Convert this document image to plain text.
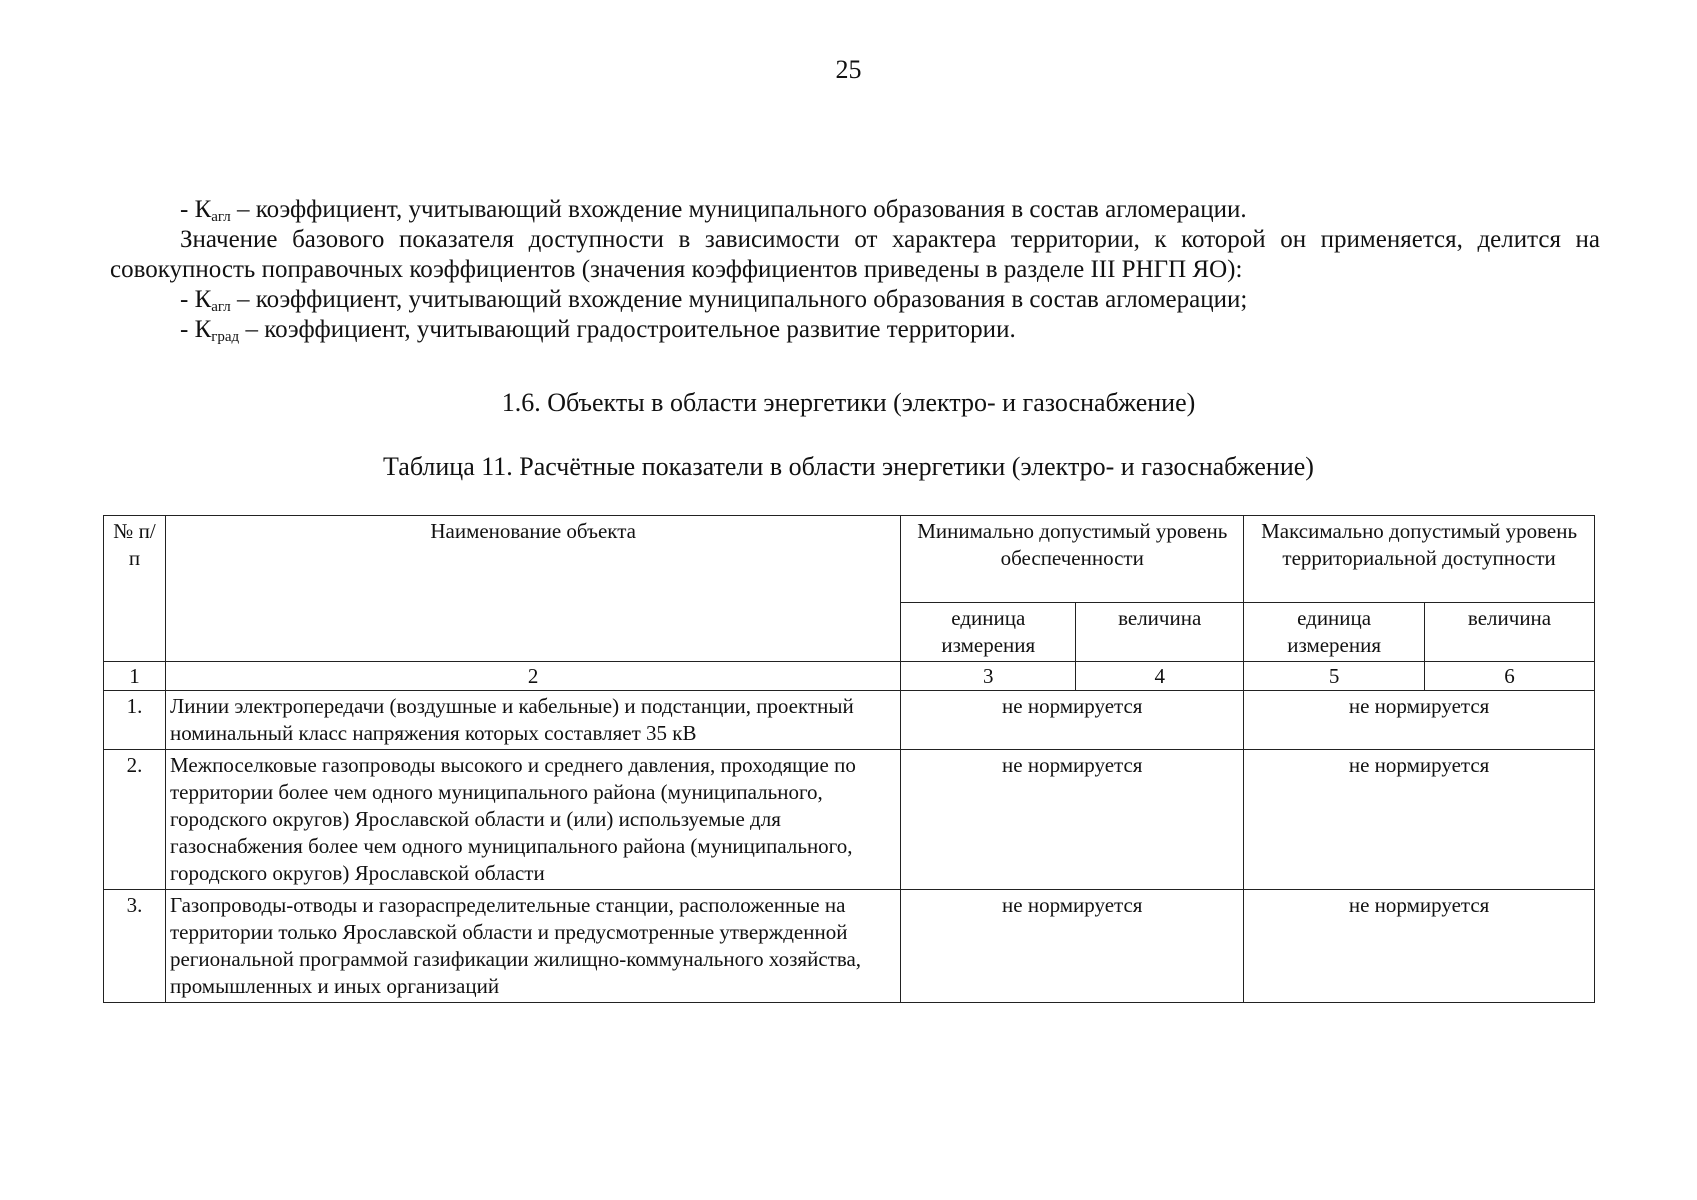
25
- $К_{агл}$ – коэффициент, учитывающий вхождение муниципального образования в состав агломерации.
Значение базового показателя доступности в зависимости от характера территории, к которой он применяется, делится на совокупность поправочных коэффициентов (значения коэффициентов приведены в разделе III РНГП ЯО):
- $К_{агл}$ – коэффициент, учитывающий вхождение муниципального образования в состав агломерации;
- $К_{град}$ – коэффициент, учитывающий градостроительное развитие территории.
1.6. Объекты в области энергетики (электро- и газоснабжение)
Таблица 11. Расчётные показатели в области энергетики (электро- и газоснабжение)
№ п/п	Наименование объекта	Минимально допустимый уровень обеспеченности		Максимально допустимый уровень территориальной доступности	
		единица измерения	величина	единица измерения	величина
1	2	3	4	5	6
1.	Линии электропередачи (воздушные и кабельные) и подстанции, проектный номинальный класс напряжения которых составляет 35 кВ	не нормируется		не нормируется	
2.	Межпоселковые газопроводы высокого и среднего давления, проходящие по территории более чем одного муниципального района (муниципального, городского округов) Ярославской области и (или) используемые для газоснабжения более чем одного муниципального района (муниципального, городского округов) Ярославской области	не нормируется		не нормируется	
3.	Газопроводы-отводы и газораспределительные станции, расположенные на территории только Ярославской области и предусмотренные утвержденной региональной программой газификации жилищно-коммунального хозяйства, промышленных и иных организаций	не нормируется		не нормируется	
